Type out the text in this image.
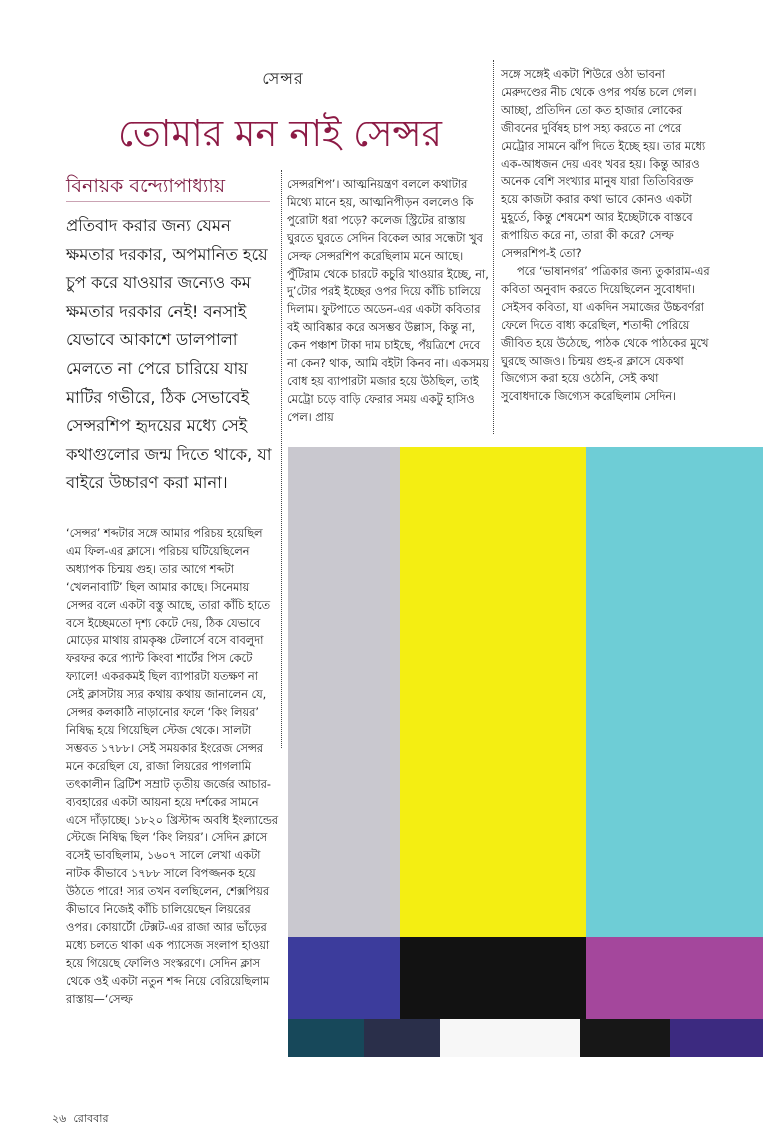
সেন্সর
তোমার মন নাই সেন্সর
বিনায়ক বন্দ্যোপাধ্যায়
প্রতিবাদ করার জন্য যেমন ক্ষমতার দরকার, অপমানিত হয়ে চুপ করে যাওয়ার জন্যেও কম ক্ষমতার দরকার নেই! বনসাই যেভাবে আকাশে ডালপালা মেলতে না পেরে চারিয়ে যায় মাটির গভীরে, ঠিক সেভাবেই সেন্সরশিপ হৃদয়ের মধ্যে সেই কথাগুলোর জন্ম দিতে থাকে, যা বাইরে উচ্চারণ করা মানা।
‘সেন্সর’ শব্দটার সঙ্গে আমার পরিচয় হয়েছিল এম ফিল-এর ক্লাসে। পরিচয় ঘটিয়েছিলেন অধ্যাপক চিন্ময় গুহ। তার আগে শব্দটা ‘খেলনাবাটি’ ছিল আমার কাছে। সিনেমায় সেন্সর বলে একটা বস্তু আছে, তারা কাঁচি হাতে বসে ইচ্ছেমতো দৃশ্য কেটে দেয়, ঠিক যেভাবে মোড়ের মাথায় রামকৃষ্ণ টেলার্সে বসে বাবলুদা ফরফর করে প্যান্ট কিংবা শার্টের পিস কেটে ফ্যালে! একরকমই ছিল ব্যাপারটা যতক্ষণ না সেই ক্লাসটায় স্যর কথায় কথায় জানালেন যে, সেন্সর কলকাঠি নাড়ানোর ফলে ‘কিং লিয়র’ নিষিদ্ধ হয়ে গিয়েছিল স্টেজ থেকে। সালটা সম্ভবত ১৭৮৮। সেই সময়কার ইংরেজ সেন্সর মনে করেছিল যে, রাজা লিয়রের পাগলামি তৎকালীন ব্রিটিশ সম্রাট তৃতীয় জর্জের আচার-ব্যবহারের একটা আয়না হয়ে দর্শকের সামনে এসে দাঁড়াচ্ছে। ১৮২০ খ্রিস্টাব্দ অবধি ইংল্যান্ডের স্টেজে নিষিদ্ধ ছিল ‘কিং লিয়র’। সেদিন ক্লাসে বসেই ভাবছিলাম, ১৬০৭ সালে লেখা একটা নাটক কীভাবে ১৭৮৮ সালে বিপজ্জনক হয়ে উঠতে পারে! স্যর তখন বলছিলেন, শেক্সপিয়র কীভাবে নিজেই কাঁচি চালিয়েছেন লিয়রের ওপর। কোয়ার্টো টেক্সট-এর রাজা আর ভাঁড়ের মধ্যে চলতে থাকা এক প্যাসেজ সংলাপ হাওয়া হয়ে গিয়েছে ফোলিও সংস্করণে। সেদিন ক্লাস থেকে ওই একটা নতুন শব্দ নিয়ে বেরিয়েছিলাম রাস্তায়—‘সেল্ফ
সেন্সরশিপ’। আত্মনিয়ন্ত্রণ বললে কথাটার মিথ্যে মানে হয়, আত্মনিপীড়ন বললেও কি পুরোটা ধরা পড়ে? কলেজ স্ট্রিটের রাস্তায় ঘুরতে ঘুরতে সেদিন বিকেল আর সন্ধেটা খুব সেল্ফ সেন্সরশিপ করেছিলাম মনে আছে। পুঁটিরাম থেকে চারটে কচুরি খাওয়ার ইচ্ছে, না, দু’টোর পরই ইচ্ছের ওপর দিয়ে কাঁচি চালিয়ে দিলাম। ফুটপাতে অডেন-এর একটা কবিতার বই আবিষ্কার করে অসম্ভব উল্লাস, কিন্তু না, কেন পঞ্চাশ টাকা দাম চাইছে, পঁয়ত্রিশে দেবে না কেন? থাক, আমি বইটা কিনব না। একসময় বোধ হয় ব্যাপারটা মজার হয়ে উঠছিল, তাই মেট্রো চড়ে বাড়ি ফেরার সময় একটু হাসিও পেল। প্রায়

সঙ্গে সঙ্গেই একটা শিউরে ওঠা ভাবনা মেরুদণ্ডের নীচ থেকে ওপর পর্যন্ত চলে গেল। আচ্ছা, প্রতিদিন তো কত হাজার লোকের জীবনের দুর্বিষহ চাপ সহ্য করতে না পেরে মেট্রোর সামনে ঝাঁপ দিতে ইচ্ছে হয়। তার মধ্যে এক-আধজন দেয় এবং খবর হয়। কিন্তু আরও অনেক বেশি সংখ্যার মানুষ যারা তিতিবিরক্ত হয়ে কাজটা করার কথা ভাবে কোনও একটা মুহূর্তে, কিন্তু শেষমেশ আর ইচ্ছেটাকে বাস্তবে রূপায়িত করে না, তারা কী করে? সেল্ফ সেন্সরশিপ-ই তো?

পরে ‘ভাষানগর’ পত্রিকার জন্য তুকারাম-এর কবিতা অনুবাদ করতে দিয়েছিলেন সুবোধদা। সেইসব কবিতা, যা একদিন সমাজের উচ্চবর্ণরা ফেলে দিতে বাধ্য করেছিল, শতাব্দী পেরিয়ে জীবিত হয়ে উঠেছে, পাঠক থেকে পাঠকের মুখে ঘুরছে আজও। চিন্ময় গুহ-র ক্লাসে যেকথা জিগ্যেস করা হয়ে ওঠেনি, সেই কথা সুবোধদাকে জিগ্যেস করেছিলাম সেদিন।

২৬ রোববার
